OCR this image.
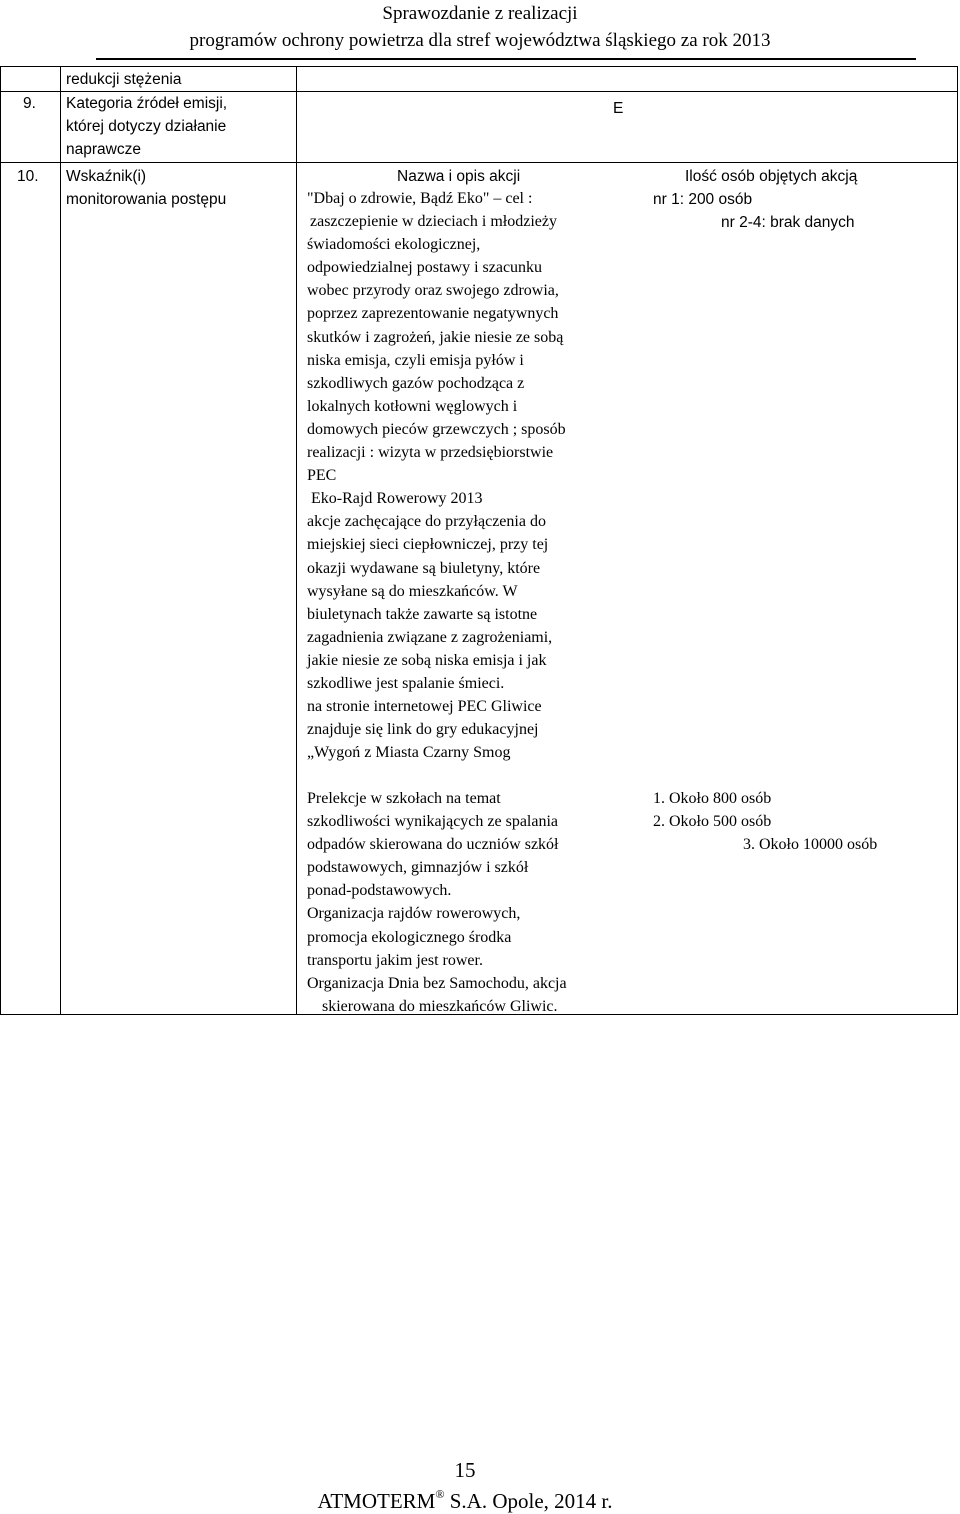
Sprawozdanie z realizacji
programów ochrony powietrza dla stref województwa śląskiego za rok 2013
redukcji stężenia
9. Kategoria źródeł emisji,
której dotyczy działanie
naprawcze
E
10. Wskaźnik(i)
monitorowania postępu
Nazwa i opis akcji	Ilość osób objętych akcją
"Dbaj o zdrowie, Bądź Eko" – cel :
zaszczepienie w dzieciach i młodzieży
świadomości ekologicznej,
odpowiedzialnej postawy i szacunku
wobec przyrody oraz swojego zdrowia,
poprzez zaprezentowanie negatywnych
skutków i zagrożeń, jakie niesie ze sobą
niska emisja, czyli emisja pyłów i
szkodliwych gazów pochodząca z
lokalnych kotłowni węglowych i
domowych pieców grzewczych ; sposób
realizacji : wizyta w przedsiębiorstwie
PEC
Eko-Rajd Rowerowy 2013
akcje zachęcające do przyłączenia do
miejskiej sieci ciepłowniczej, przy tej
okazji wydawane są biuletyny, które
wysyłane są do mieszkańców. W
biuletynach także zawarte są istotne
zagadnienia związane z zagrożeniami,
jakie niesie ze sobą niska emisja i jak
szkodliwe jest spalanie śmieci.
na stronie internetowej PEC Gliwice
znajduje się link do gry edukacyjnej
„Wygoń z Miasta Czarny Smog
nr 1: 200 osób
nr 2-4: brak danych
Prelekcje w szkołach na temat
szkodliwości wynikających ze spalania
odpadów skierowana do uczniów szkół
podstawowych, gimnazjów i szkół
ponad-podstawowych.
Organizacja rajdów rowerowych,
promocja ekologicznego środka
transportu jakim jest rower.
Organizacja Dnia bez Samochodu, akcja
skierowana do mieszkańców Gliwic.
1. Około 800 osób
2. Około 500 osób
3. Około 10000 osób
15
ATMOTERM® S.A. Opole, 2014 r.
